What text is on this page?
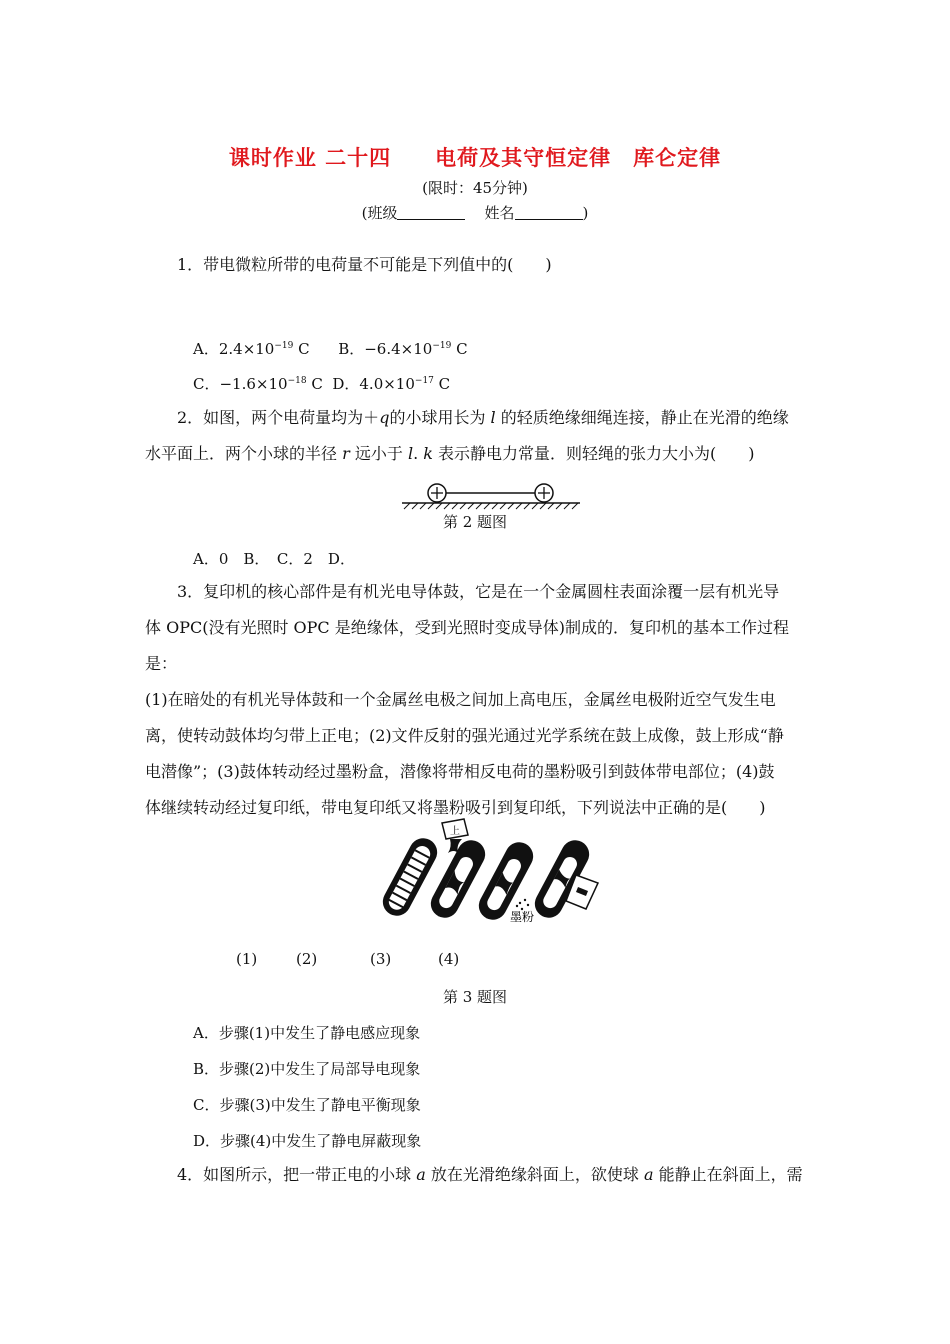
课时作业 二十四　　电荷及其守恒定律　库仑定律
(限时：45分钟)
(班级	姓名	)

1．带电微粒所带的电荷量不可能是下列值中的(　　)

A．$2.4\times 10^{-19}$ C B．$-6.4\times 10^{-19}$ C
C．$-1.6\times 10^{-18}$ C D．$4.0\times 10^{-17}$ C

2．如图，两个电荷量均为＋q的小球用长为 l 的轻质绝缘细绳连接，静止在光滑的绝缘

水平面上．两个小球的半径 r 远小于 l. k 表示静电力常量．则轻绳的张力大小为(　　)

第 2 题图
A．0　B．　C．2　D．

3．复印机的核心部件是有机光电导体鼓，它是在一个金属圆柱表面涂覆一层有机光导

体 OPC(没有光照时 OPC 是绝缘体，受到光照时变成导体)制成的．复印机的基本工作过程是：

(1)在暗处的有机光导体鼓和一个金属丝电极之间加上高电压，金属丝电极附近空气发生电

离，使转动鼓体均匀带上正电；(2)文件反射的强光通过光学系统在鼓上成像，鼓上形成“静

电潜像”；(3)鼓体转动经过墨粉盒，潜像将带相反电荷的墨粉吸引到鼓体带电部位；(4)鼓

体继续转动经过复印纸，带电复印纸又将墨粉吸引到复印纸，下列说法中正确的是(　　)

上
墨粉
(1)	(2)	(3)	(4)
第 3 题图
A．步骤(1)中发生了静电感应现象
B．步骤(2)中发生了局部导电现象
C．步骤(3)中发生了静电平衡现象
D．步骤(4)中发生了静电屏蔽现象

4．如图所示，把一带正电的小球 a 放在光滑绝缘斜面上，欲使球 a 能静止在斜面上，需
